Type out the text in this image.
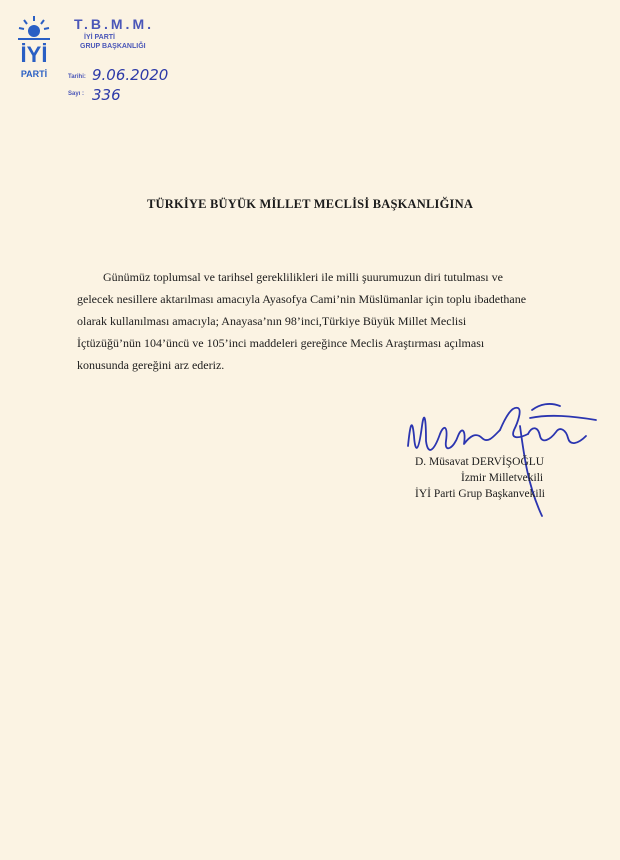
İYİ
PARTİ
T.B.M.M.
İYİ PARTİ
GRUP BAŞKANLIĞI
Tarihi: 9.06.2020
Sayı : 336
TÜRKİYE BÜYÜK MİLLET MECLİSİ BAŞKANLIĞINA
Günümüz toplumsal ve tarihsel gereklilikleri ile milli şuurumuzun diri tutulması ve
gelecek nesillere aktarılması amacıyla Ayasofya Cami’nin Müslümanlar için toplu ibadethane
olarak kullanılması amacıyla; Anayasa’nın 98’inci,Türkiye Büyük Millet Meclisi
İçtüzüğü’nün 104’üncü ve 105’inci maddeleri gereğince Meclis Araştırması açılması
konusunda gereğini arz ederiz.
D. Müsavat DERVİŞOĞLU
İzmir Milletvekili
İYİ Parti Grup Başkanvekili
